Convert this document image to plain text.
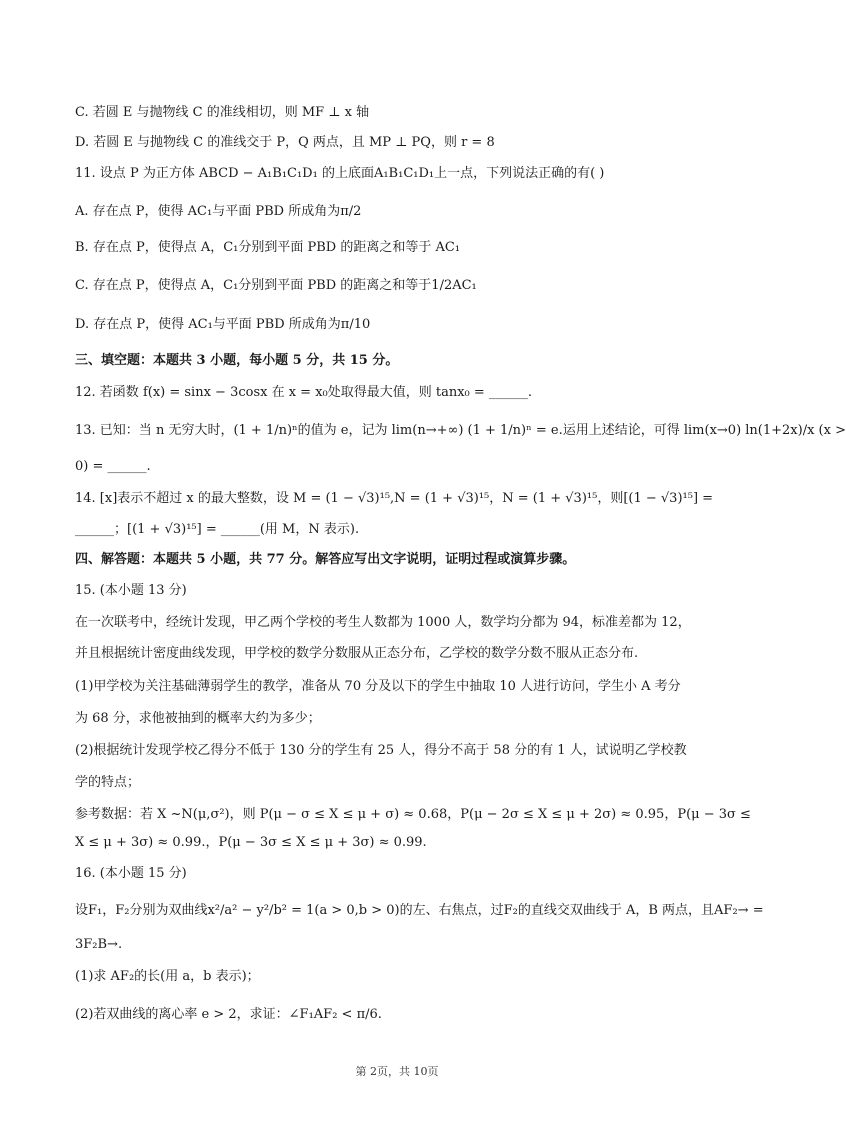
C. 若圆 E 与抛物线 C 的准线相切，则 MF ⊥ x 轴
D. 若圆 E 与抛物线 C 的准线交于 P，Q 两点，且 MP ⊥ PQ，则 r = 8
11. 设点 P 为正方体 ABCD − A₁B₁C₁D₁ 的上底面A₁B₁C₁D₁上一点，下列说法正确的有( )
A. 存在点 P，使得 AC₁与平面 PBD 所成角为π/2
B. 存在点 P，使得点 A，C₁分别到平面 PBD 的距离之和等于 AC₁
C. 存在点 P，使得点 A，C₁分别到平面 PBD 的距离之和等于1/2AC₁
D. 存在点 P，使得 AC₁与平面 PBD 所成角为π/10
三、填空题：本题共 3 小题，每小题 5 分，共 15 分。
12. 若函数 f(x) = sinx − 3cosx 在 x = x₀处取得最大值，则 tanx₀ = ______.
13. 已知：当 n 无穷大时，(1 + 1/n)ⁿ的值为 e，记为 lim(n→+∞) (1 + 1/n)ⁿ = e.运用上述结论，可得 lim(x→0) ln(1+2x)/x (x >
0) = ______.
14. [x]表示不超过 x 的最大整数，设 M = (1 − √3)¹⁵,N = (1 + √3)¹⁵，N = (1 + √3)¹⁵，则[(1 − √3)¹⁵] =
______；[(1 + √3)¹⁵] = ______(用 M，N 表示).
四、解答题：本题共 5 小题，共 77 分。解答应写出文字说明，证明过程或演算步骤。
15. (本小题 13 分)
在一次联考中，经统计发现，甲乙两个学校的考生人数都为 1000 人，数学均分都为 94，标准差都为 12，
并且根据统计密度曲线发现，甲学校的数学分数服从正态分布，乙学校的数学分数不服从正态分布.
(1)甲学校为关注基础薄弱学生的教学，准备从 70 分及以下的学生中抽取 10 人进行访问，学生小 A 考分
为 68 分，求他被抽到的概率大约为多少；
(2)根据统计发现学校乙得分不低于 130 分的学生有 25 人，得分不高于 58 分的有 1 人，试说明乙学校教
学的特点；
参考数据：若 X ~N(μ,σ²)，则 P(μ − σ ≤ X ≤ μ + σ) ≈ 0.68，P(μ − 2σ ≤ X ≤ μ + 2σ) ≈ 0.95，P(μ − 3σ ≤
X ≤ μ + 3σ) ≈ 0.99.，P(μ − 3σ ≤ X ≤ μ + 3σ) ≈ 0.99.
16. (本小题 15 分)
设F₁，F₂分别为双曲线x²/a² − y²/b² = 1(a > 0,b > 0)的左、右焦点，过F₂的直线交双曲线于 A，B 两点，且AF₂→ =
3F₂B→.
(1)求 AF₂的长(用 a，b 表示)；
(2)若双曲线的离心率 e > 2，求证：∠F₁AF₂ < π/6.
第 2页，共 10页
